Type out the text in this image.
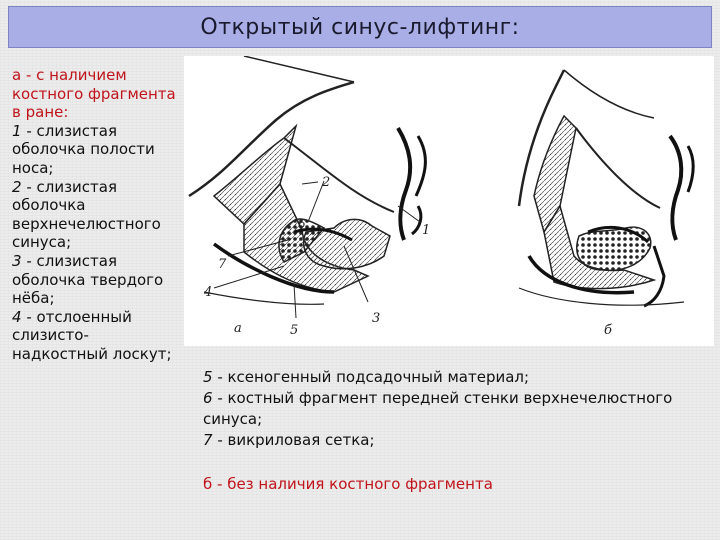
Открытый синус-лифтинг:

а - с наличием костного фрагмента в ране:

1 - слизистая оболочка полости носа;

2 - слизистая оболочка верхнечелюстного синуса;

3 - слизистая оболочка твердого нёба;

4 - отслоенный слизисто-надкостный лоскут;

2
1
3
4
5
6
7
а	б

5 - ксеногенный подсадочный материал;

6 - костный фрагмент передней стенки верхнечелюстного синуса;

7 - викриловая сетка;

б - без наличия костного фрагмента
